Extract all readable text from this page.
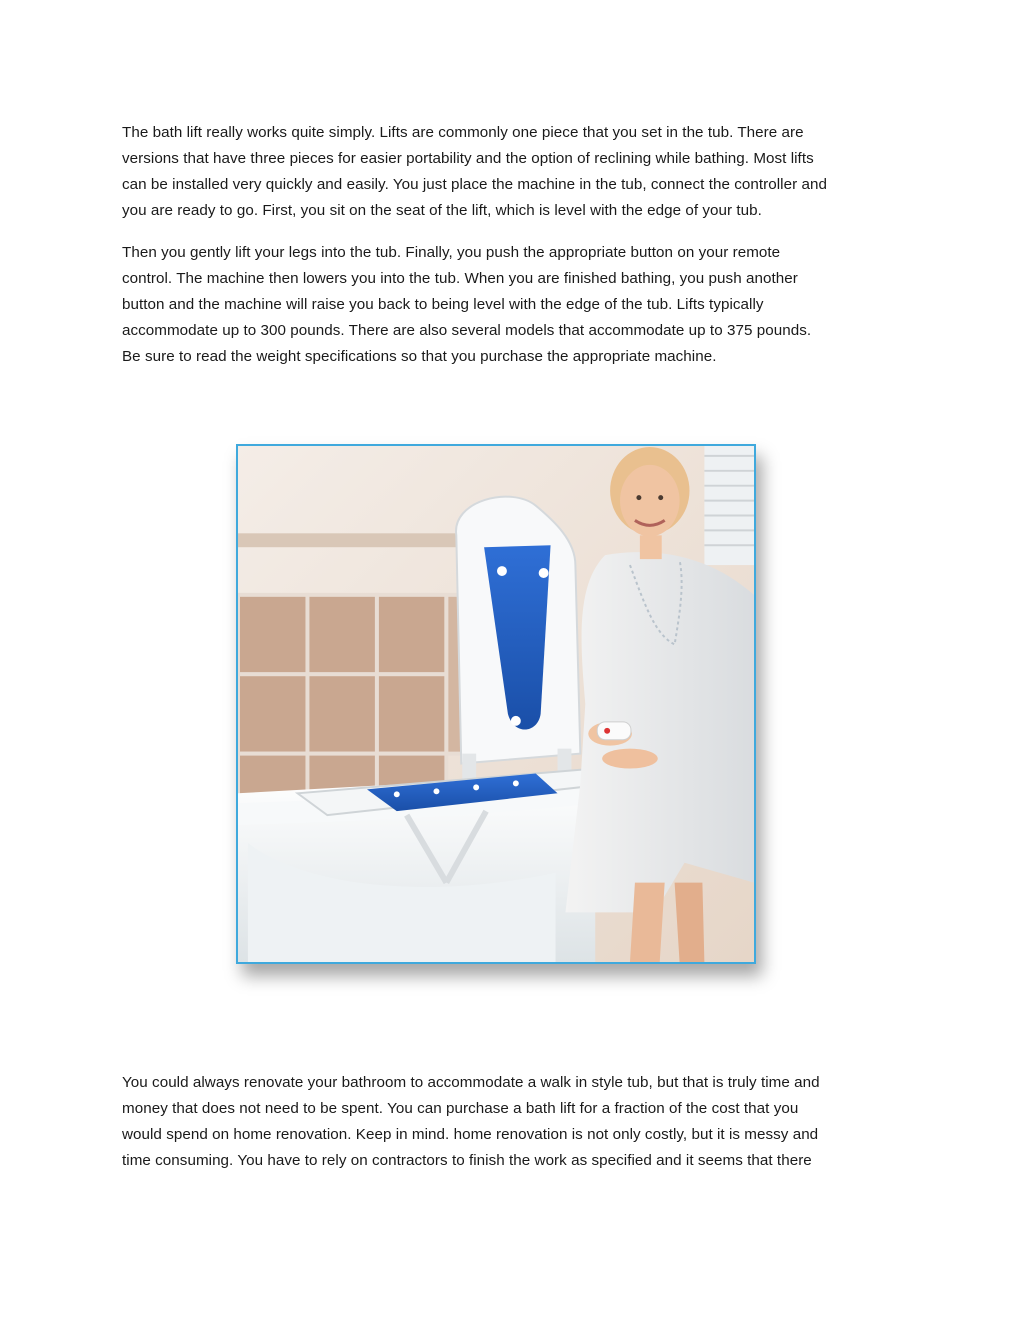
The bath lift really works quite simply. Lifts are commonly one piece that you set in the tub. There are
versions that have three pieces for easier portability and the option of reclining while bathing. Most lifts
can be installed very quickly and easily. You just place the machine in the tub, connect the controller and
you are ready to go. First, you sit on the seat of the lift, which is level with the edge of your tub.

Then you gently lift your legs into the tub. Finally, you push the appropriate button on your remote
control. The machine then lowers you into the tub. When you are finished bathing, you push another
button and the machine will raise you back to being level with the edge of the tub. Lifts typically
accommodate up to 300 pounds. There are also several models that accommodate up to 375 pounds.
Be sure to read the weight specifications so that you purchase the appropriate machine.

You could always renovate your bathroom to accommodate a walk in style tub, but that is truly time and
money that does not need to be spent. You can purchase a bath lift for a fraction of the cost that you
would spend on home renovation. Keep in mind. home renovation is not only costly, but it is messy and
time consuming. You have to rely on contractors to finish the work as specified and it seems that there
